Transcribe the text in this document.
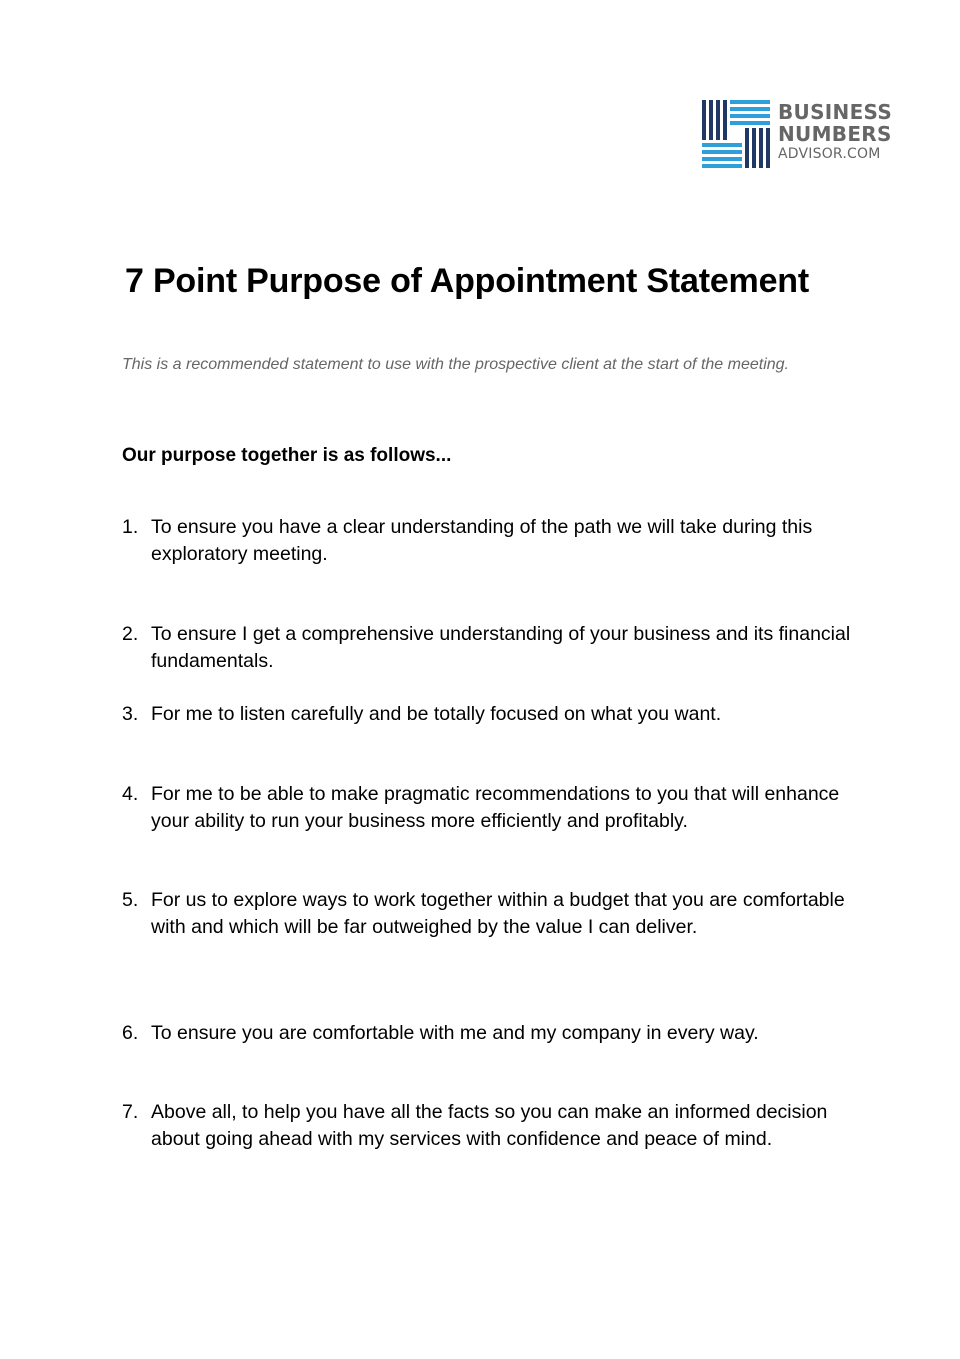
BUSINESS
NUMBERS
ADVISOR.COM
7 Point Purpose of Appointment Statement

This is a recommended statement to use with the prospective client at the start of the meeting.

Our purpose together is as follows...

1. To ensure you have a clear understanding of the path we will take during this exploratory meeting.
2. To ensure I get a comprehensive understanding of your business and its financial fundamentals.
3. For me to listen carefully and be totally focused on what you want.
4. For me to be able to make pragmatic recommendations to you that will enhance your ability to run your business more efficiently and profitably.
5. For us to explore ways to work together within a budget that you are comfortable with and which will be far outweighed by the value I can deliver.
6. To ensure you are comfortable with me and my company in every way.
7. Above all, to help you have all the facts so you can make an informed decision about going ahead with my services with confidence and peace of mind.
